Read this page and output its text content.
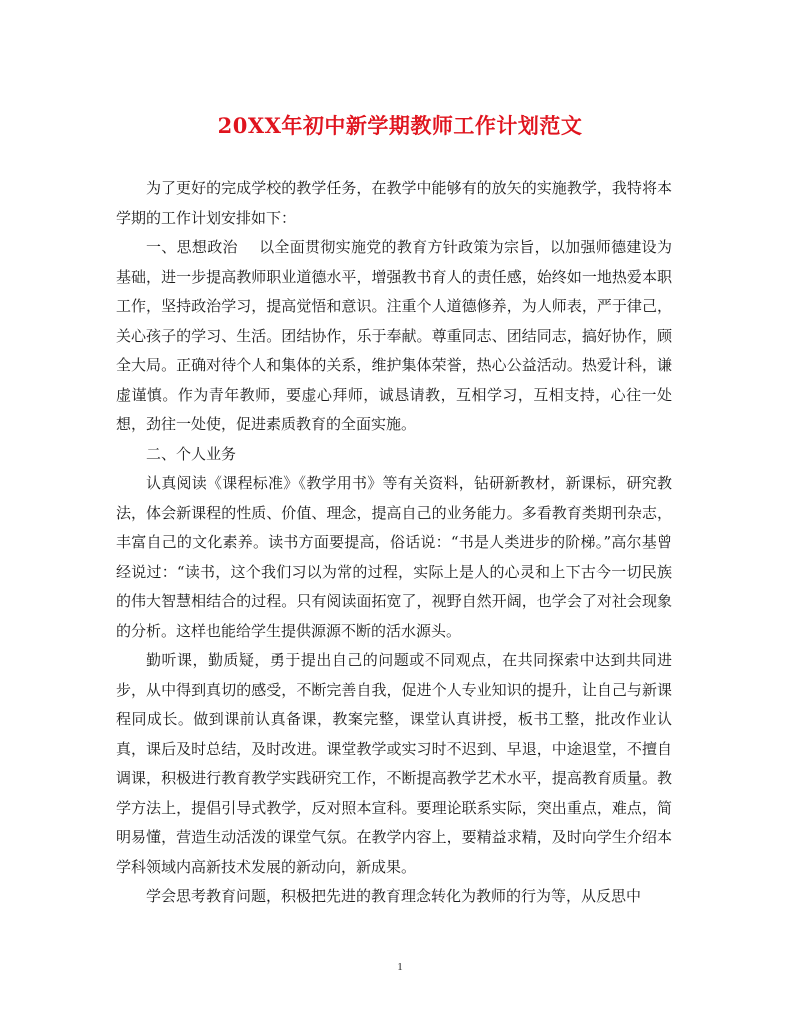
20XX年初中新学期教师工作计划范文

为了更好的完成学校的教学任务，在教学中能够有的放矢的实施教学，我特将本学期的工作计划安排如下：

一、思想政治 以全面贯彻实施党的教育方针政策为宗旨，以加强师德建设为基础，进一步提高教师职业道德水平，增强教书育人的责任感，始终如一地热爱本职工作，坚持政治学习，提高觉悟和意识。注重个人道德修养，为人师表，严于律己，关心孩子的学习、生活。团结协作，乐于奉献。尊重同志、团结同志，搞好协作，顾全大局。正确对待个人和集体的关系，维护集体荣誉，热心公益活动。热爱计科，谦虚谨慎。作为青年教师，要虚心拜师，诚恳请教，互相学习，互相支持，心往一处想，劲往一处使，促进素质教育的全面实施。

二、个人业务

认真阅读《课程标准》《教学用书》等有关资料，钻研新教材，新课标，研究教法，体会新课程的性质、价值、理念，提高自己的业务能力。多看教育类期刊杂志，丰富自己的文化素养。读书方面要提高，俗话说：“书是人类进步的阶梯。”高尔基曾经说过：“读书，这个我们习以为常的过程，实际上是人的心灵和上下古今一切民族的伟大智慧相结合的过程。只有阅读面拓宽了，视野自然开阔，也学会了对社会现象的分析。这样也能给学生提供源源不断的活水源头。

勤听课，勤质疑，勇于提出自己的问题或不同观点，在共同探索中达到共同进步，从中得到真切的感受，不断完善自我，促进个人专业知识的提升，让自己与新课程同成长。做到课前认真备课，教案完整，课堂认真讲授，板书工整，批改作业认真，课后及时总结，及时改进。课堂教学或实习时不迟到、早退，中途退堂，不擅自调课，积极进行教育教学实践研究工作，不断提高教学艺术水平，提高教育质量。教学方法上，提倡引导式教学，反对照本宣科。要理论联系实际，突出重点，难点，简明易懂，营造生动活泼的课堂气氛。在教学内容上，要精益求精，及时向学生介绍本学科领域内高新技术发展的新动向，新成果。

学会思考教育问题，积极把先进的教育理念转化为教师的行为等，从反思中

1
